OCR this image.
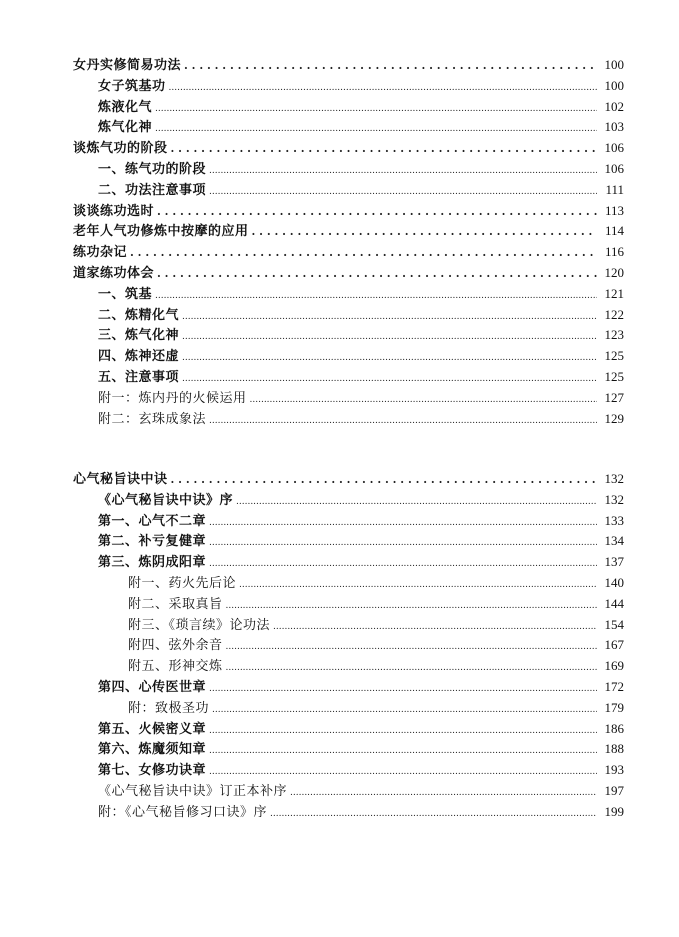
女丹实修简易功法 . . .	100
女子筑基功 .....	100
炼液化气 .....	102
炼气化神 .....	103
谈炼气功的阶段 . . .	106
一、练气功的阶段 .....	106
二、功法注意事项 .....	111
谈谈练功选时 . . .	113
老年人气功修炼中按摩的应用 . . .	114
练功杂记 . . .	116
道家练功体会 . . .	120
一、筑基 .....	121
二、炼精化气 .....	122
三、炼气化神 .....	123
四、炼神还虚 .....	125
五、注意事项 .....	125
附一：炼内丹的火候运用 .....	127
附二：玄珠成象法 .....	129
心气秘旨诀中诀 . . .	132
《心气秘旨诀中诀》序 .....	132
第一、心气不二章 .....	133
第二、补亏复健章 .....	134
第三、炼阴成阳章 .....	137
附一、药火先后论 .....	140
附二、采取真旨 .....	144
附三、《琐言续》论功法 .....	154
附四、弦外余音 .....	167
附五、形神交炼 .....	169
第四、心传医世章 .....	172
附：致极圣功 .....	179
第五、火候密义章 .....	186
第六、炼魔须知章 .....	188
第七、女修功诀章 .....	193
《心气秘旨诀中诀》订正本补序 .....	197
附：《心气秘旨修习口诀》序 .....	199
